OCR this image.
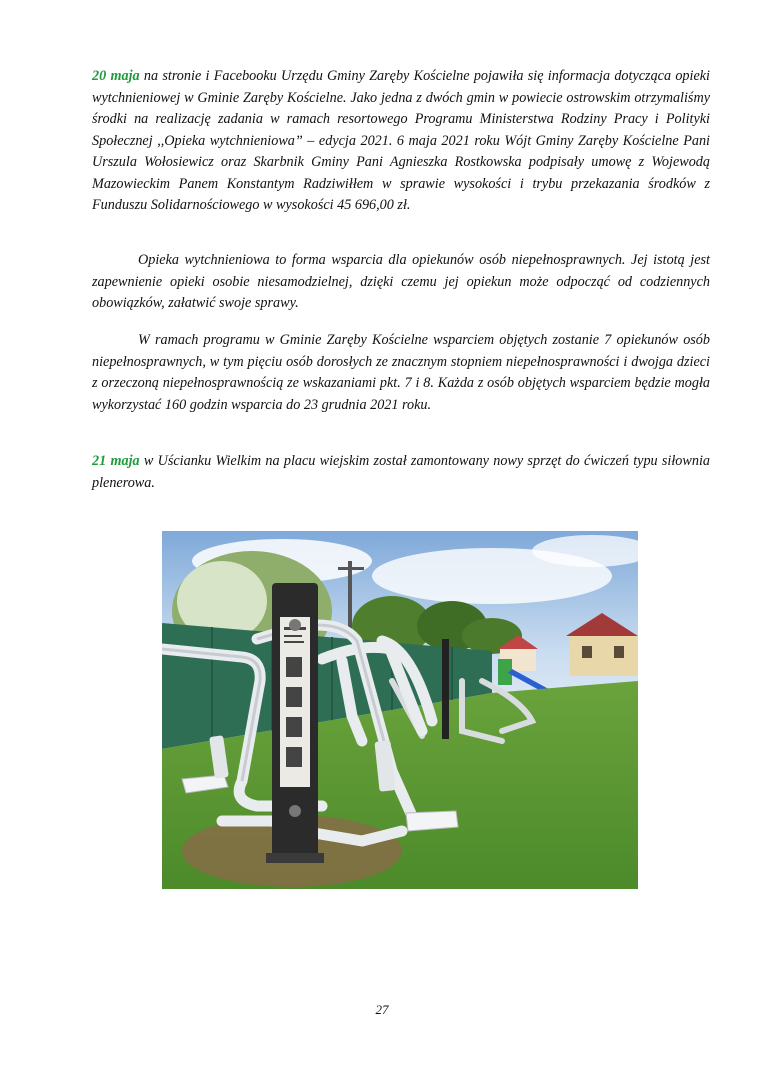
20 maja na stronie i Facebooku Urzędu Gminy Zaręby Kościelne pojawiła się informacja dotycząca opieki wytchnieniowej w Gminie Zaręby Kościelne. Jako jedna z dwóch gmin w powiecie ostrowskim otrzymaliśmy środki na realizację zadania w ramach resortowego Programu Ministerstwa Rodziny Pracy i Polityki Społecznej ,,Opieka wytchnieniowa” – edycja 2021. 6 maja 2021 roku Wójt Gminy Zaręby Kościelne Pani Urszula Wołosiewicz oraz Skarbnik Gminy Pani Agnieszka Rostkowska podpisały umowę z Wojewodą Mazowieckim Panem Konstantym Radziwiłłem w sprawie wysokości i trybu przekazania środków z Funduszu Solidarnościowego w wysokości 45 696,00 zł.

Opieka wytchnieniowa to forma wsparcia dla opiekunów osób niepełnosprawnych. Jej istotą jest zapewnienie opieki osobie niesamodzielnej, dzięki czemu jej opiekun może odpocząć od codziennych obowiązków, załatwić swoje sprawy.

W ramach programu w Gminie Zaręby Kościelne wsparciem objętych zostanie 7 opiekunów osób niepełnosprawnych, w tym pięciu osób dorosłych ze znacznym stopniem niepełnosprawności i dwojga dzieci z orzeczoną niepełnosprawnością ze wskazaniami pkt. 7 i 8. Każda z osób objętych wsparciem będzie mogła wykorzystać 160 godzin wsparcia do 23 grudnia 2021 roku.

21 maja w Uścianku Wielkim na placu wiejskim został zamontowany nowy sprzęt do ćwiczeń typu siłownia plenerowa.

27
